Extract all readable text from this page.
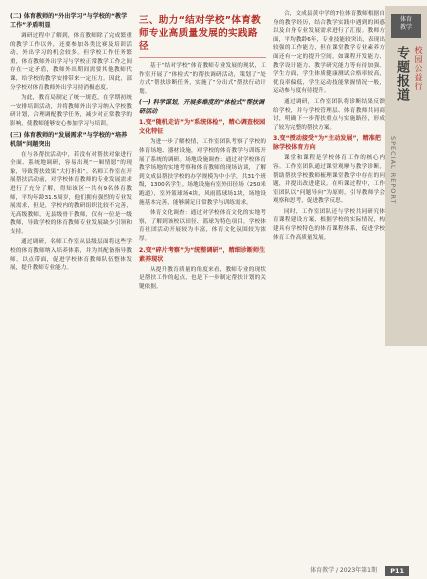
(二) 体育教师的“外出学习”与学校的“教学工作”矛盾明显

调研过程中了解到，体育教师除了完成繁重的教学工作以外，还要参加各类比赛及培训活动，外出学习的机会较多。但学校工作任务繁重，体育教师外出学习与学校正常教学工作之间存在一定矛盾，教师外出期间需要其他教师代课，给学校的教学安排带来一定压力。因此，部分学校对体育教师外出学习持消极态度。

为此，教育局制定了统一规范，在学期初统一安排培训活动，并将教师外出学习纳入学校教研计划，合理调配教学任务，减少对正常教学的影响，使教师能够安心参加学习与培训。

(三) 体育教师的“发展需求”与学校的“培养机制”问题突出

在与各帮扶活动中，若没有对帮扶对象进行全面、系统地调研，容易出现“一厢情愿”的现象，导致帮扶效果“大打折扣”。名师工作室在开展帮扶活动前，对学校体育教师的专业发展需求进行了充分了解，得知该区一共有9名体育教师，平均年龄31.5周岁，他们拥有强烈的专业发展需求，但是，学校内的教研组织比较不完善，无高级教师，无县级骨干教师，仅有一位是一级教师，导致学校的体育教师专业发展缺少引领和支持。

通过调研，名师工作室从县级层面将这些学校的体育教师纳入培养体系，并为其配备指导教师，以点带面，促进学校体育教师队伍整体发展，提升教师专业能力。

三、助力“结对学校”体育教师专业高质量发展的实践路径

基于“结对学校”体育教师专业发展的现状，工作室开展了“体检式”的帮扶调研活动，策划了“处方式”帮扶诊断任务，实施了“分出式”帮扶行动计划。

(一) 科学谋划，开展多维度的“体检式”帮扶调研活动
1.变“随机走访”为“系统体检”，精心调查校园文化特征

为进一步了解校情，工作室团队考察了学校的体育场地、器材设施，对学校的体育教学与训练开展了系统的调研。场地设施调查：通过对学校体育教学场地的实地考察和体育教师的现场访谈，了解到文成县帮扶学校的办学规模为中小学，共31个班级，1300名学生。场地设施有室外田径场（250米跑道），室外篮球场4块，风雨篮球场1块，场地设施基本完善，能够满足日常教学与训练需求。

体育文化调查：通过对学校体育文化的实地考察，了解到该校以田径、篮球为特色项目，学校体育社团活动开展较为丰富，体育文化氛围较为浓厚。

2.变“碎片考察”为“统整调研”，精细诊断师生素养现状

从提升教育质量的角度来看，教师专业的现状是帮扶工作的起点，也是下一步制定帮扶计划的关键依据。

合，文成县黄中学的7位体育教师根据自身的教学经历，结合教学实践中遇到的困惑以及自身专业发展需求进行了汇报。教师方面，平均教龄6年，专业技能较突出，表现出较强的工作能力，但在课堂教学专业素养方面还有一定的提升空间，如课程开发能力、教学设计能力、教学研究能力等有待加强。学生方面，学生体质健康测试合格率较高，优良率偏低，学生运动技能掌握情况一般，运动参与度有待提升。

通过调研，工作室团队将诊断结果反馈给学校，并与学校管理层、体育教师共同商讨，明确下一步帮扶重点与实施路径，形成了较为完整的帮扶方案。

3.变“授动接受”为“主动发展”，精准把脉学校体育方向

课堂和课程是学校体育工作的核心内容。工作室团队通过课堂观摩与教学诊断，帮助帮扶学校教师梳理课堂教学中存在的问题，并提出改进建议。在听课过程中，工作室团队以“问题导向”为原则，引导教师学会观察和思考，促进教学反思。

同时，工作室团队还与学校共同研究体育课程建设方案，根据学校的实际情况，构建具有学校特色的体育课程体系，促进学校体育工作高质量发展。

体育
教学
专题报道 校园公益行
SPECIAL REPORT
体育教学 / 2023年第1期	P11
